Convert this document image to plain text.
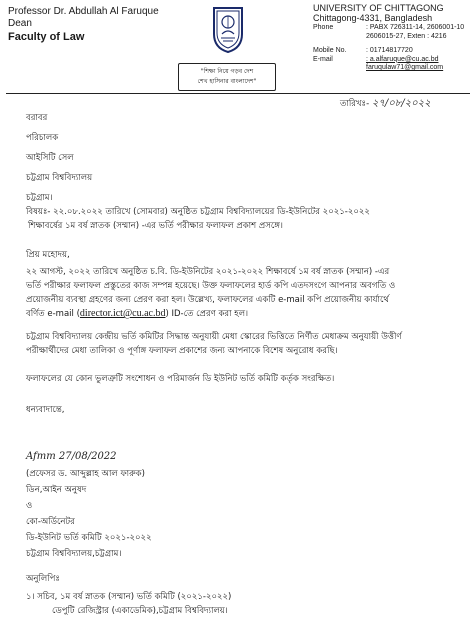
Professor Dr. Abdullah Al Faruque
Dean
Faculty of Law
"শিক্ষা নিয়ে গড়ব দেশ
শেখ হাসিনার বাংলাদেশ"
UNIVERSITY OF CHITTAGONG
Chittagong-4331, Bangladesh
Phone	: PABX 726311-14, 2606001-10
2606015-27, Exten : 4216
Mobile No.	: 01714817720
E-mail	: a.alfaruque@cu.ac.bd
faruqulaw71@gmail.com
তারিখঃ- ২৭/০৮/২০২২
বরাবর
পরিচালক
আইসিটি সেল
চট্টগ্রাম বিশ্ববিদ্যালয়
চট্টগ্রাম।
বিষয়ঃ- ২২.০৮.২০২২ তারিখে (সোমবার) অনুষ্ঠিত চট্টগ্রাম বিশ্ববিদ্যালয়ের ডি-ইউনিটের ২০২১-২০২২
শিক্ষাবর্ষের ১ম বর্ষ স্নাতক (সম্মান) -এর ভর্তি পরীক্ষার ফলাফল প্রকাশ প্রসঙ্গে।
প্রিয় মহোদয়,
২২ আগস্ট, ২০২২ তারিখে অনুষ্ঠিত চ.বি. ডি-ইউনিটের ২০২১-২০২২ শিক্ষাবর্ষে ১ম বর্ষ স্নাতক (সম্মান) -এর
ভর্তি পরীক্ষার ফলাফল প্রস্তুতের কাজ সম্পন্ন হয়েছে। উক্ত ফলাফলের হার্ড কপি এতদসংগে আপনার অবগতি ও
প্রয়োজনীয় ব্যবস্থা গ্রহণের জন্য প্রেরণ করা হল। উল্লেখ্য, ফলাফলের একটি e-mail কপি প্রয়োজনীয় কার্যার্থে
বর্ণিত e-mail (director.ict@cu.ac.bd) ID-তে প্রেরণ করা হল।
চট্টগ্রাম বিশ্ববিদ্যালয় কেন্দ্রীয় ভর্তি কমিটির সিদ্ধান্ত অনুযায়ী মেধা স্কোরের ভিত্তিতে নির্ণীত মেধাক্রম অনুযায়ী উত্তীর্ণ
পরীক্ষার্থীদের মেধা তালিকা ও পূর্ণাঙ্গ ফলাফল প্রকাশের জন্য আপনাকে বিশেষ অনুরোধ করছি।
ফলাফলের যে কোন ভুলত্রুটি সংশোধন ও পরিমার্জন ডি ইউনিট ভর্তি কমিটি কর্তৃক সংরক্ষিত।
ধন্যবাদান্তে,
Afmm 27/08/2022
(প্রফেসর ড. আব্দুল্লাহ আল ফারুক)
ডিন,আইন অনুষদ
ও
কো-অর্ডিনেটর
ডি-ইউনিট ভর্তি কমিটি ২০২১-২০২২
চট্টগ্রাম বিশ্ববিদ্যালয়,চট্টগ্রাম।
অনুলিপিঃ
১। সচিব, ১ম বর্ষ স্নাতক (সম্মান) ভর্তি কমিটি (২০২১-২০২২)
ডেপুটি রেজিস্ট্রার (একাডেমিক),চট্টগ্রাম বিশ্ববিদ্যালয়।
